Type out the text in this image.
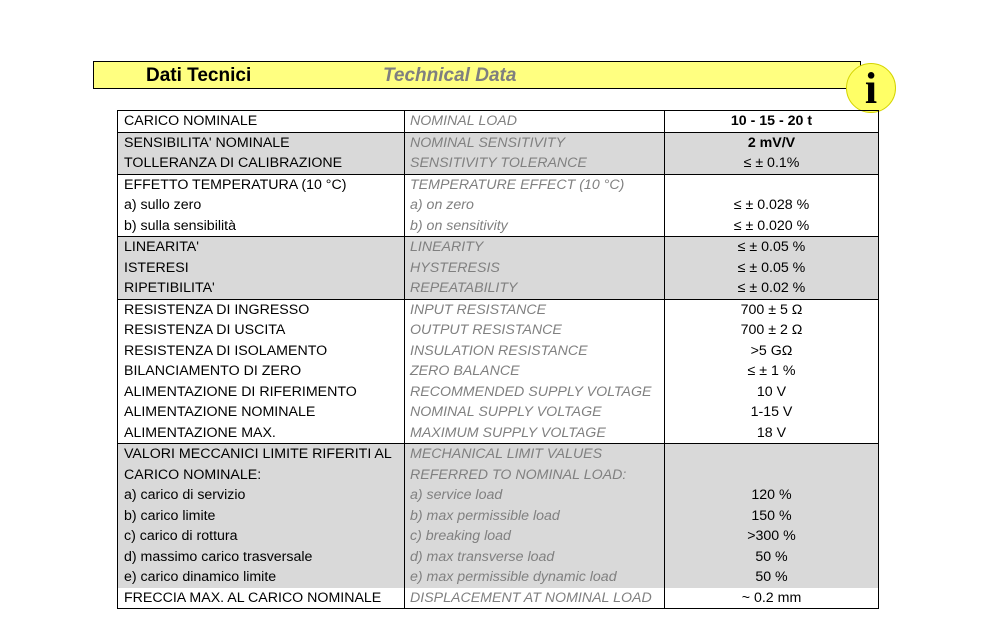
Dati Tecnici	Technical Data	i
CARICO NOMINALE	NOMINAL LOAD	10 - 15 - 20 t
SENSIBILITA' NOMINALE	NOMINAL SENSITIVITY	2 mV/V
TOLLERANZA DI CALIBRAZIONE	SENSITIVITY TOLERANCE	≤ ± 0.1%
EFFETTO TEMPERATURA (10 °C)	TEMPERATURE EFFECT (10 °C)	
a) sullo zero	a) on zero	≤ ± 0.028 %
b) sulla sensibilità	b) on sensitivity	≤ ± 0.020 %
LINEARITA'	LINEARITY	≤ ± 0.05 %
ISTERESI	HYSTERESIS	≤ ± 0.05 %
RIPETIBILITA'	REPEATABILITY	≤ ± 0.02 %
RESISTENZA DI INGRESSO	INPUT RESISTANCE	700 ± 5 Ω
RESISTENZA DI USCITA	OUTPUT RESISTANCE	700 ± 2 Ω
RESISTENZA DI ISOLAMENTO	INSULATION RESISTANCE	>5 GΩ
BILANCIAMENTO DI ZERO	ZERO BALANCE	≤ ± 1 %
ALIMENTAZIONE DI RIFERIMENTO	RECOMMENDED SUPPLY VOLTAGE	10 V
ALIMENTAZIONE NOMINALE	NOMINAL SUPPLY VOLTAGE	1-15 V
ALIMENTAZIONE MAX.	MAXIMUM SUPPLY VOLTAGE	18 V
VALORI MECCANICI LIMITE RIFERITI AL	MECHANICAL LIMIT VALUES	
CARICO NOMINALE:	REFERRED TO NOMINAL LOAD:	
a) carico di servizio	a) service load	120 %
b) carico limite	b) max permissible load	150 %
c) carico di rottura	c) breaking load	>300 %
d) massimo carico trasversale	d) max transverse load	50 %
e) carico dinamico limite	e) max permissible dynamic load	50 %
FRECCIA MAX. AL CARICO NOMINALE	DISPLACEMENT AT NOMINAL LOAD	~ 0.2 mm
